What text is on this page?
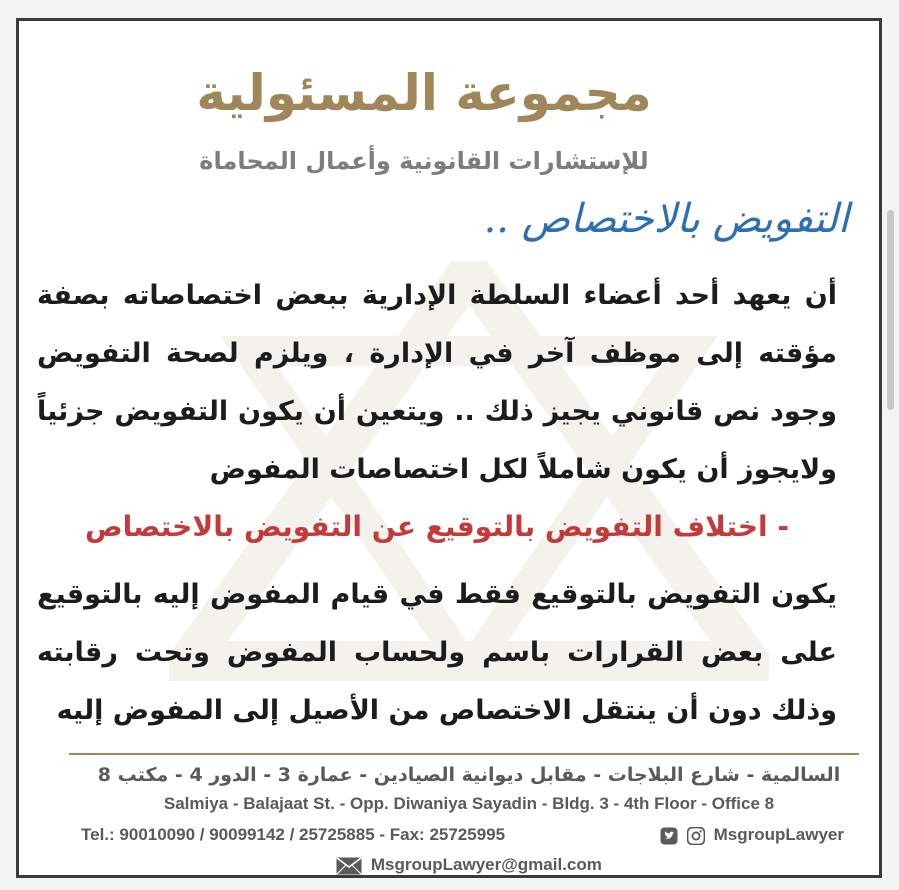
مجموعة المسئولية
للإستشارات القانونية وأعمال المحاماة
التفويض بالاختصاص ..
أن يعهد أحد أعضاء السلطة الإدارية ببعض اختصاصاته بصفة مؤقته إلى موظف آخر في الإدارة ، ويلزم لصحة التفويض وجود نص قانوني يجيز ذلك .. ويتعين أن يكون التفويض جزئياً ولايجوز أن يكون شاملاً لكل اختصاصات المفوض
- اختلاف التفويض بالتوقيع عن التفويض بالاختصاص
يكون التفويض بالتوقيع فقط في قيام المفوض إليه بالتوقيع على بعض القرارات باسم ولحساب المفوض وتحت رقابته وذلك دون أن ينتقل الاختصاص من الأصيل إلى المفوض إليه
السالمية - شارع البلاجات - مقابل ديوانية الصيادين - عمارة 3 - الدور 4 - مكتب 8
Salmiya - Balajaat St. - Opp. Diwaniya Sayadin - Bldg. 3 - 4th Floor - Office 8
Tel.: 90010090 / 90099142 / 25725885 - Fax: 25725995	MsgroupLawyer
MsgroupLawyer@gmail.com
